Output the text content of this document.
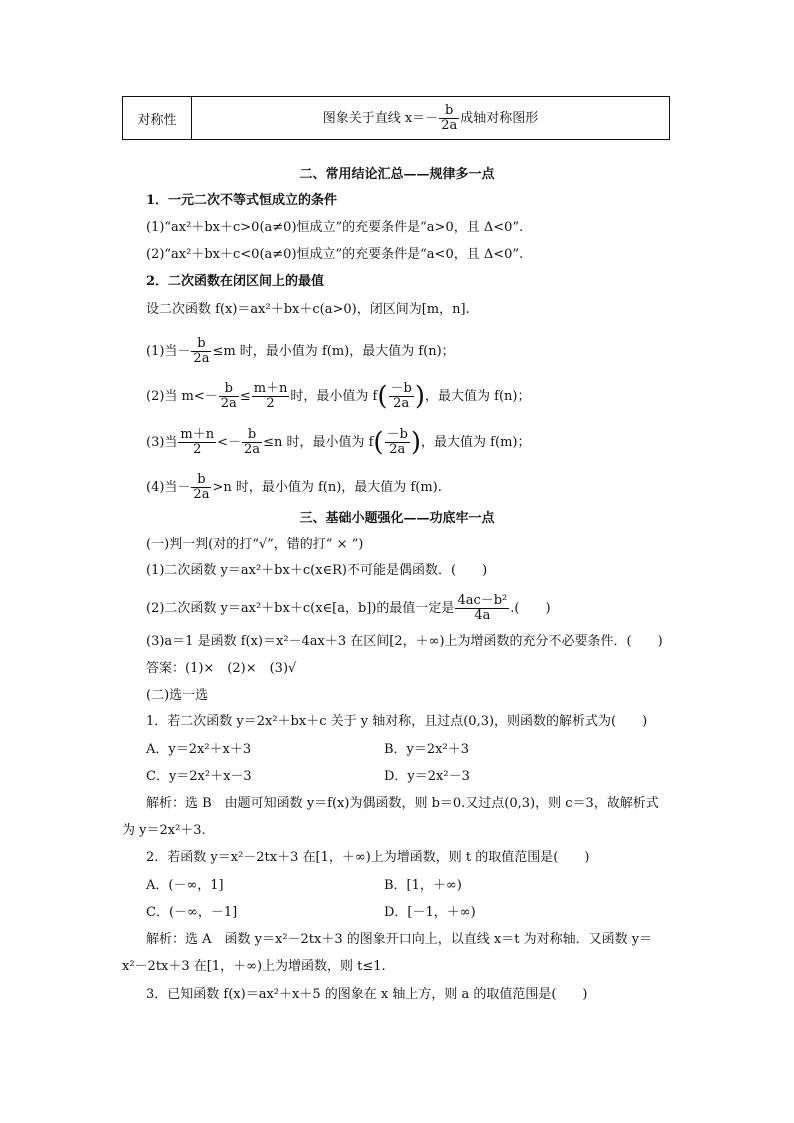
对称性	图象关于直线 $x=- \frac{b}{2a}$ 成轴对称图形
二、常用结论汇总——规律多一点
1．一元二次不等式恒成立的条件
(1)“ax²＋bx＋c>0(a≠0)恒成立”的充要条件是“a>0，且 Δ<0”.
(2)“ax²＋bx＋c<0(a≠0)恒成立”的充要条件是“a<0，且 Δ<0”.
2．二次函数在闭区间上的最值
设二次函数 f(x)＝ax²＋bx＋c(a>0)，闭区间为[m，n].
(1)当－ $\frac{b}{2a} \le m$ 时，最小值为 f(m)，最大值为 f(n)；
(2)当 $m<- \frac{b}{2a} \le \frac{m+n}{2}$ 时，最小值为 $f( \frac{-b}{2a}$ )，最大值为 f(n)；
(3)当 $\frac{m+n}{2} <- \frac{b}{2a} \le n$ 时，最小值为 $f( \frac{-b}{2a}$ )，最大值为 f(m)；
(4)当－ $\frac{b}{2a} >n$ 时，最小值为 f(n)，最大值为 f(m).
三、基础小题强化——功底牢一点
(一)判一判(对的打“√”，错的打“ × ”)
(1)二次函数 y＝ax²＋bx＋c(x∈R)不可能是偶函数．(　　)
(2)二次函数 y＝ax²＋bx＋c(x∈[a，b])的最值一定是 $\frac{\text{4ac－b²}}{4a}$ .(　　)
(3)a＝1 是函数 f(x)＝x²－4ax＋3 在区间[2，＋∞)上为增函数的充分不必要条件．(　　)
答案：(1)×　(2)×　(3)√
(二)选一选
1．若二次函数 y＝2x²＋bx＋c 关于 y 轴对称，且过点(0,3)，则函数的解析式为(　　)
A．y＝2x²＋x＋3	B．y＝2x²＋3
C．y＝2x²＋x－3	D．y＝2x²－3
解析：选 B　由题可知函数 y＝f(x)为偶函数，则 b＝0.又过点(0,3)，则 c＝3，故解析式
为 y＝2x²＋3.
2．若函数 y＝x²－2tx＋3 在[1，＋∞)上为增函数，则 t 的取值范围是(　　)
A．(－∞，1]	B．[1，＋∞)
C．(－∞，－1]	D．[－1，＋∞)
解析：选 A　函数 y＝x²－2tx＋3 的图象开口向上，以直线 x＝t 为对称轴．又函数 y＝
x²－2tx＋3 在[1，＋∞)上为增函数，则 t≤1.
3．已知函数 f(x)＝ax²＋x＋5 的图象在 x 轴上方，则 a 的取值范围是(　　)
